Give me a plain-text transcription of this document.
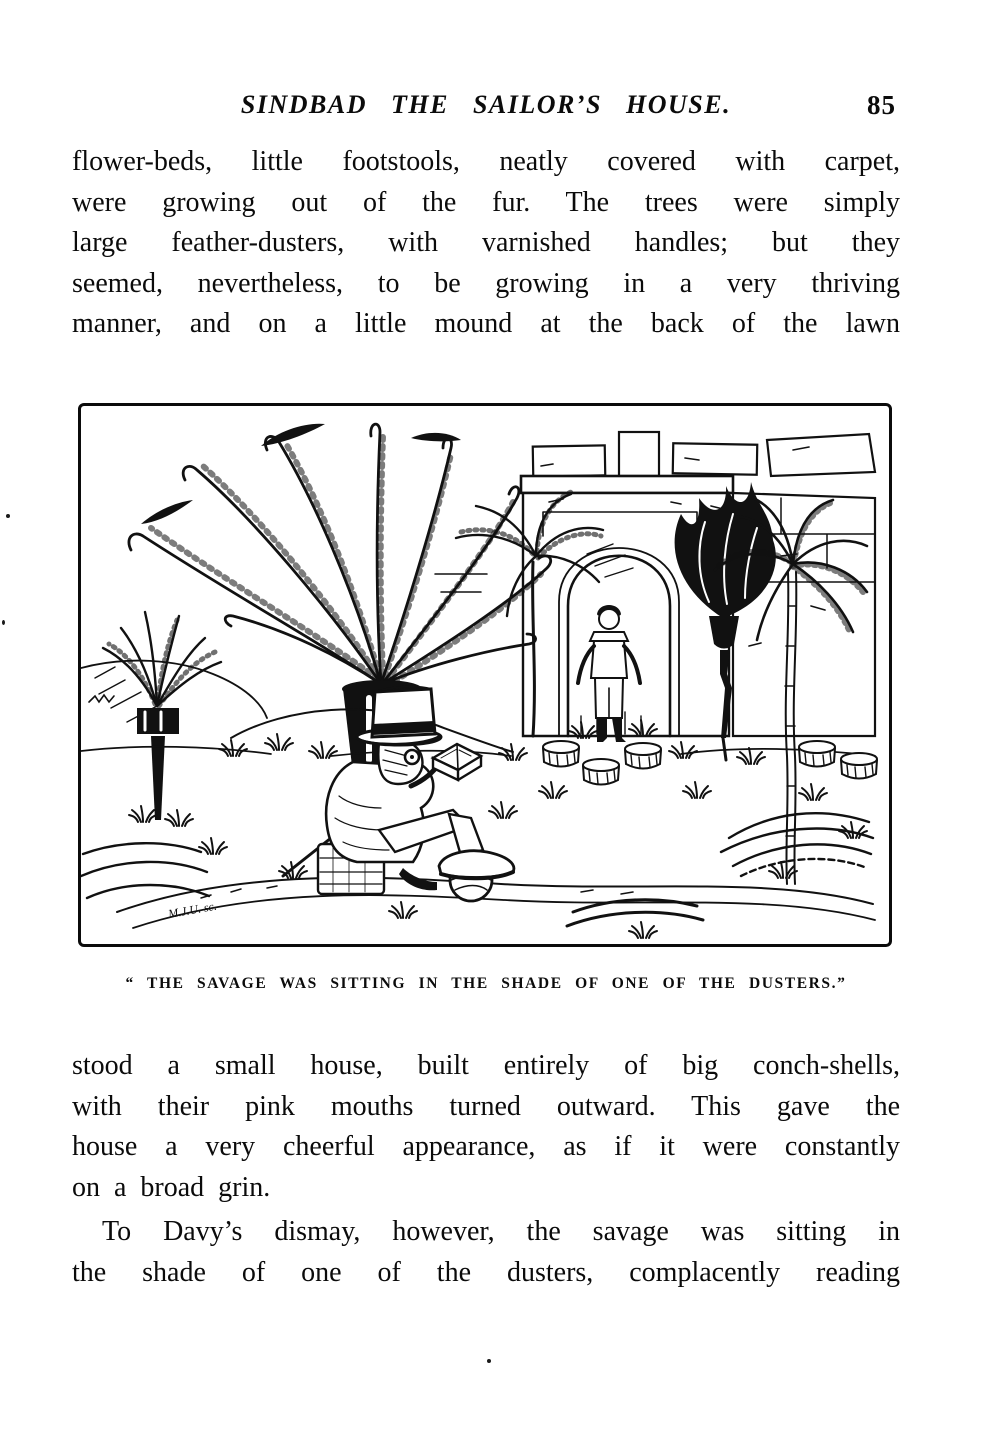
SINDBAD THE SAILOR’S HOUSE.	85
flower-beds, little footstools, neatly covered with carpet,
were growing out of the fur. The trees were simply
large feather-dusters, with varnished handles; but they
seemed, nevertheless, to be growing in a very thriving
manner, and on a little mound at the back of the lawn
M.J.U. sc.
“ THE SAVAGE WAS SITTING IN THE SHADE OF ONE OF THE DUSTERS.”
stood a small house, built entirely of big conch-shells,
with their pink mouths turned outward. This gave the
house a very cheerful appearance, as if it were constantly
on a broad grin.
To Davy’s dismay, however, the savage was sitting in
the shade of one of the dusters, complacently reading
